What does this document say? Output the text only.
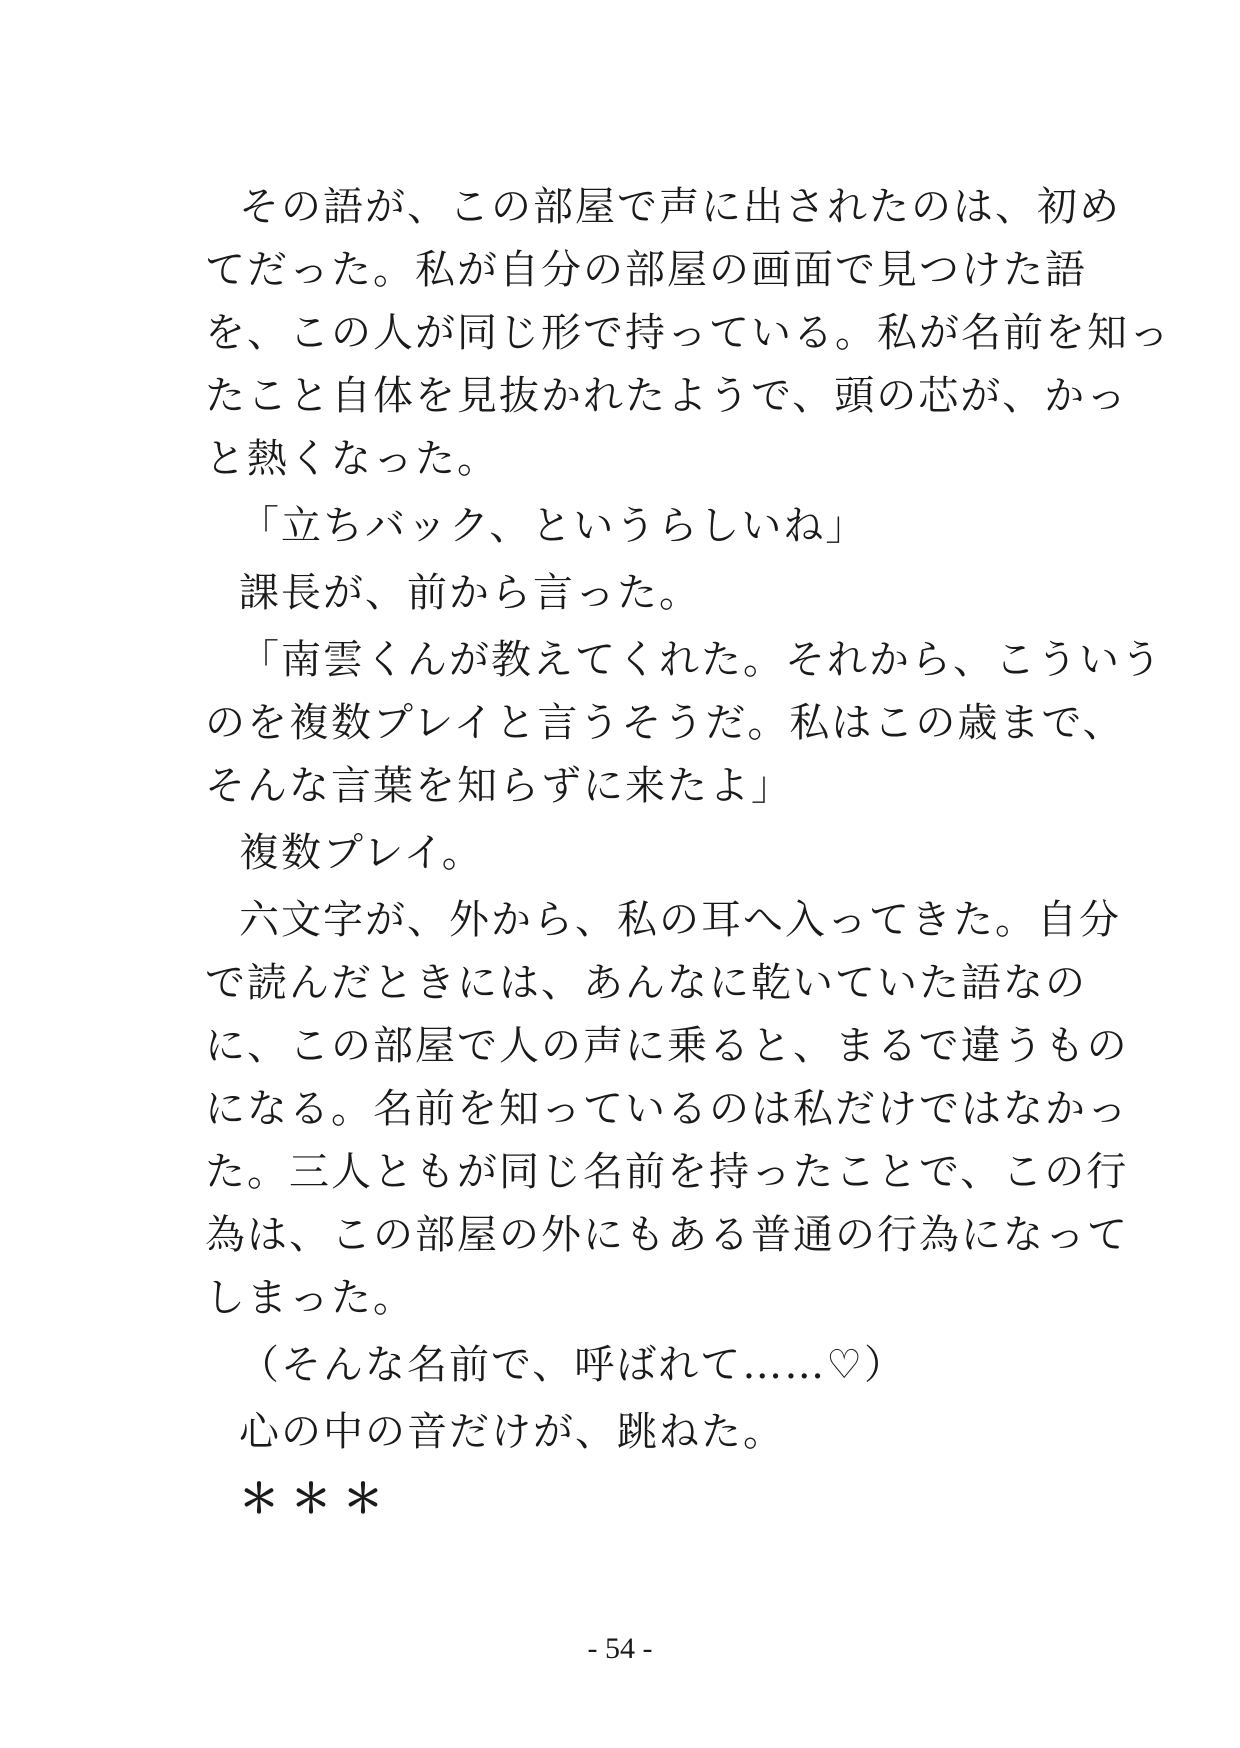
その語が、この部屋で声に出されたのは、初め
てだった。私が自分の部屋の画面で見つけた語
を、この人が同じ形で持っている。私が名前を知っ
たこと自体を見抜かれたようで、頭の芯が、かっ
と熱くなった。

「立ちバック、というらしいね」

課長が、前から言った。

「南雲くんが教えてくれた。それから、こういう
のを複数プレイと言うそうだ。私はこの歳まで、
そんな言葉を知らずに来たよ」

複数プレイ。

六文字が、外から、私の耳へ入ってきた。自分
で読んだときには、あんなに乾いていた語なの
に、この部屋で人の声に乗ると、まるで違うもの
になる。名前を知っているのは私だけではなかっ
た。三人ともが同じ名前を持ったことで、この行
為は、この部屋の外にもある普通の行為になって
しまった。

（そんな名前で、呼ばれて……♡）

心の中の音だけが、跳ねた。

＊＊＊

- 54 -
